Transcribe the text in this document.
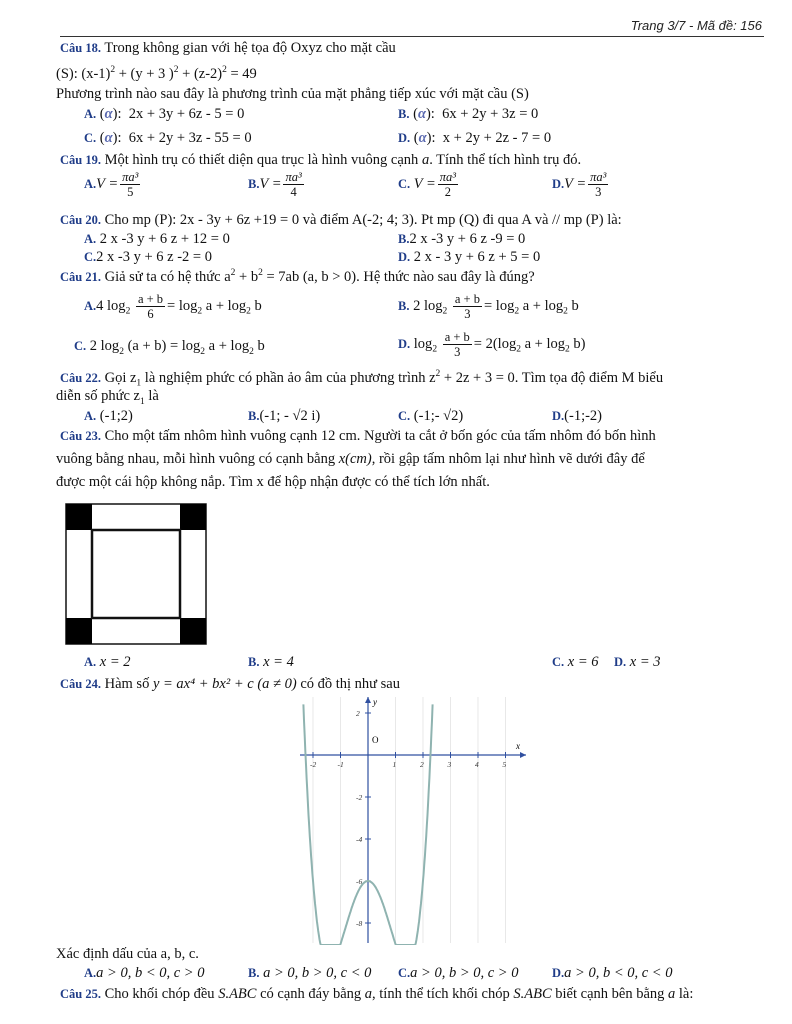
Trang 3/7 - Mã đề: 156
Câu 18. Trong không gian với hệ tọa độ Oxyz cho mặt cầu
(S): $(x-1)^2 + (y + 3$ )$^2 + (z-2)^2 = 49$
Phương trình nào sau đây là phương trình của mặt phẳng tiếp xúc với mặt cầu (S)
A. (α):  2x + 3y + 6z - 5 = 0	B. (α):  6x + 2y + 3z = 0
C. (α):  6x + 2y + 3z - 55 = 0	D. (α):  x + 2y + 2z - 7 = 0
Câu 19. Một hình trụ có thiết diện qua trục là hình vuông cạnh a. Tính thể tích hình trụ đó.
$A.V = \frac{\text{πa³}}{5}$	$B.V = \frac{\text{πa³}}{4}$	C. $V = \frac{\text{πa³}}{2}$	$D.V = \frac{\text{πa³}}{3}$
Câu 20. Cho mp (P): 2x - 3y + 6z +19 = 0 và điểm A(-2; 4; 3). Pt mp (Q) đi qua A và // mp (P) là:
A. 2 x -3 y + 6 z + 12 = 0	B.2 x -3 y + 6 z -9 = 0
C.2 x -3 y + 6 z -2 = 0	D. 2 x - 3 y + 6 z + 5 = 0
Câu 21. Giả sử ta có hệ thức $a^2 + b^2 = 7ab$ (a, b > 0). Hệ thức nào sau đây là đúng?
A.4 $\log_2 \frac{a + b}{6} = \log_2 a + \log_2 b$	B. 2 $\log_2 \frac{a + b}{3} = \log_2 a + \log_2 b$
C. 2 $\log_2 (a + b) = \log_2 a + \log_2 b$	D. $\log_2 \frac{a + b}{3} = 2(\log_2$ $a + \log_2 b$)
Câu 22. Gọi $z_1$ là nghiệm phức có phần ảo âm của phương trình $z^2 + 2z + 3 = 0$. Tìm tọa độ điểm M biểu
diễn số phức $z_1$ là
A. (-1;2)	B.(-1; - √2 i)	C. (-1;- √2)	D.(-1;-2)
Câu 23. Cho một tấm nhôm hình vuông cạnh 12 cm. Người ta cắt ở bốn góc của tấm nhôm đó bốn hình
vuông bằng nhau, mỗi hình vuông có cạnh bằng x(cm), rồi gập tấm nhôm lại như hình vẽ dưới đây để
được một cái hộp không nắp. Tìm x để hộp nhận được có thể tích lớn nhất.
A. x = 2	B. x = 4	C. x = 6 D. x = 3
Câu 24. Hàm số y = ax⁴ + bx² + c (a ≠ 0) có đồ thị như sau
-2	-1	1	2	3	4	5
2
-2
-4
-6
-8
x
y
O
Xác định dấu của a, b, c.
A.a > 0, b < 0, c > 0	B. a > 0, b > 0, c < 0 C.a > 0, b > 0, c > 0	D.a > 0, b < 0, c < 0
Câu 25. Cho khối chóp đều S.ABC có cạnh đáy bằng a, tính thể tích khối chóp S.ABC biết cạnh bên bằng a là:
